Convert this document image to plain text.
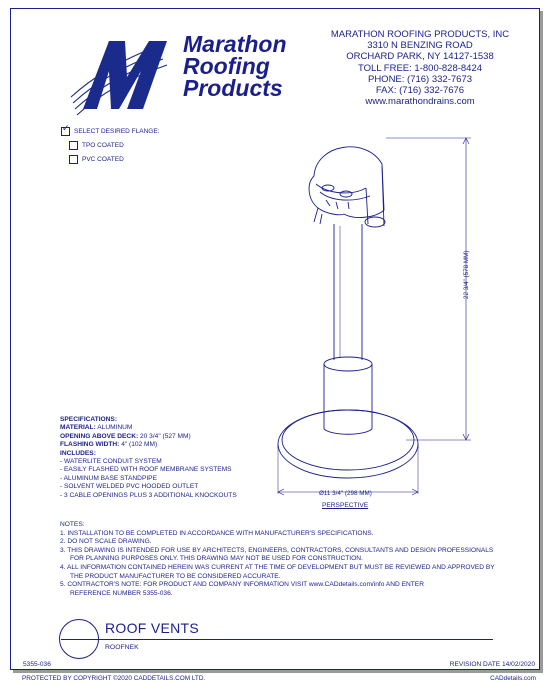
Marathon
Roofing
Products
MARATHON ROOFING PRODUCTS, INC
3310 N BENZING ROAD
ORCHARD PARK, NY 14127-1538
TOLL FREE: 1-800-828-8424
PHONE: (716) 332-7673
FAX: (716) 332-7676
www.marathondrains.com
✓ SELECT DESIRED FLANGE:
TPO COATED
PVC COATED
22 3/4" (578 MM)
Ø11 3/4" (298 MM)
PERSPECTIVE
SPECIFICATIONS:
MATERIAL: ALUMINUM
OPENING ABOVE DECK: 20 3/4" (527 MM)
FLASHING WIDTH: 4" (102 MM)
INCLUDES:
- WATERLITE CONDUIT SYSTEM
- EASILY FLASHED WITH ROOF MEMBRANE SYSTEMS
- ALUMINUM BASE STANDPIPE
- SOLVENT WELDED PVC HOODED OUTLET
- 3 CABLE OPENINGS PLUS 3 ADDITIONAL KNOCKOUTS
NOTES:
1. INSTALLATION TO BE COMPLETED IN ACCORDANCE WITH MANUFACTURER'S SPECIFICATIONS.
2. DO NOT SCALE DRAWING.
3. THIS DRAWING IS INTENDED FOR USE BY ARCHITECTS, ENGINEERS, CONTRACTORS, CONSULTANTS AND DESIGN PROFESSIONALS
FOR PLANNING PURPOSES ONLY. THIS DRAWING MAY NOT BE USED FOR CONSTRUCTION.
4. ALL INFORMATION CONTAINED HEREIN WAS CURRENT AT THE TIME OF DEVELOPMENT BUT MUST BE REVIEWED AND APPROVED BY
THE PRODUCT MANUFACTURER TO BE CONSIDERED ACCURATE.
5. CONTRACTOR'S NOTE: FOR PRODUCT AND COMPANY INFORMATION VISIT www.CADdetails.com/info AND ENTER
REFERENCE NUMBER 5355-036.
ROOF VENTS
ROOFNEK
5355-036	REVISION DATE 14/02/2020
PROTECTED BY COPYRIGHT ©2020 CADDETAILS.COM LTD.	CADdetails.com
